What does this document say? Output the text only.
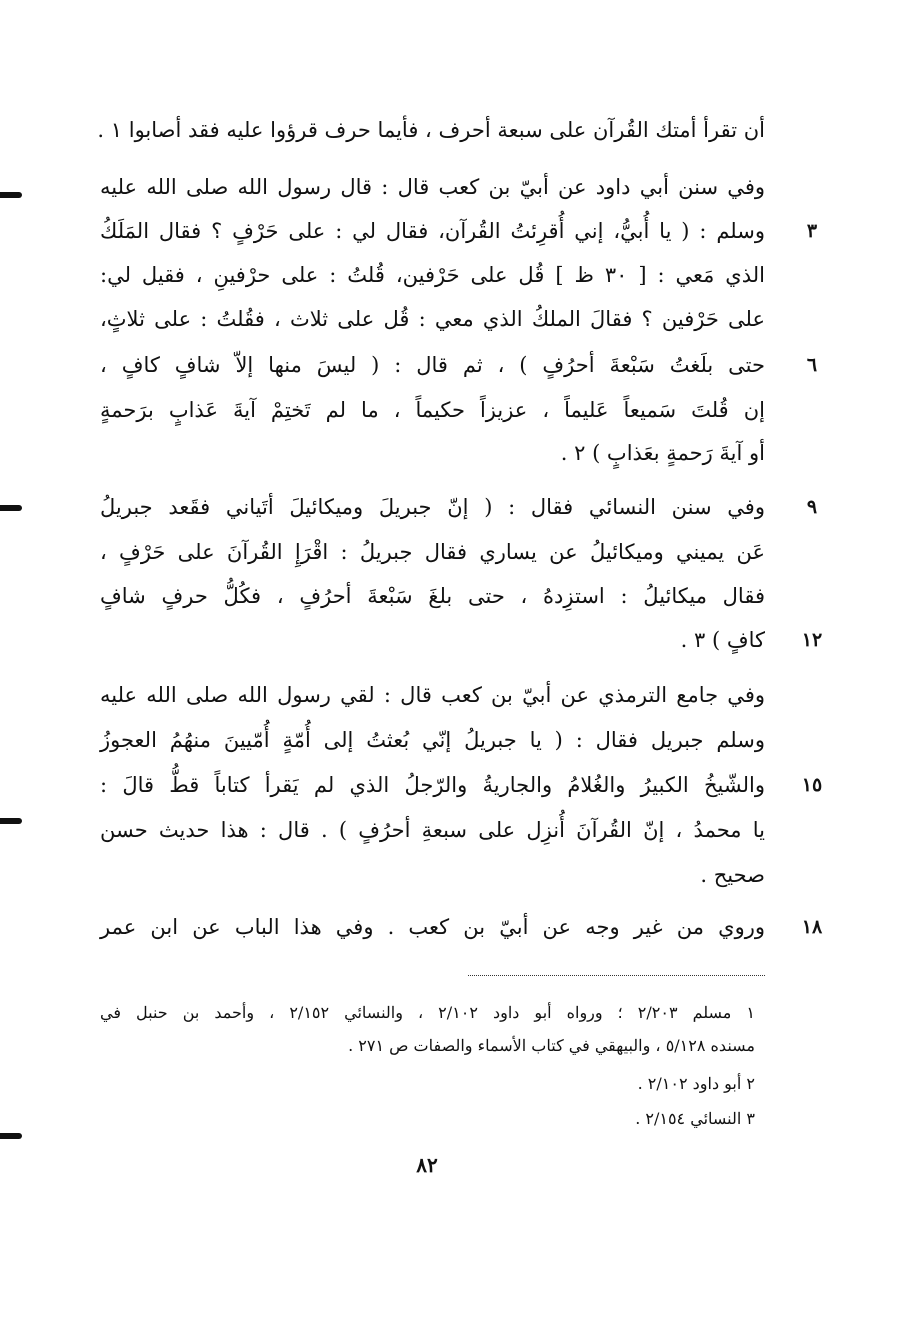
أن تقرأ أمتك القُرآن على سبعة أحرف ، فأيما حرف قرؤوا عليه فقد أصابوا ١ .
وفي سنن أبي داود عن أبيّ بن كعب قال : قال رسول الله صلى الله عليه
وسلم : ( يا أُبيُّ، إني أُقرِئتُ القُرآن، فقال لي : على حَرْفٍ ؟ فقال المَلَكُ
الذي مَعي : [ ٣٠ ظ ] قُل على حَرْفين، قُلتُ : على حرْفينِ ، فقيل لي:
على حَرْفين ؟ فقالَ الملكُ الذي معي : قُل على ثلاث ، فقُلتُ : على ثلاثٍ،
حتى بلَغتُ سَبْعةَ أحرُفٍ ) ، ثم قال : ( ليسَ منها إلاّ شافٍ كافٍ ،
إن قُلتَ سَميعاً عَليماً ، عزيزاً حكيماً ، ما لم تَختِمْ آيةَ عَذابٍ برَحمةٍ
أو آيةَ رَحمةٍ بعَذابٍ ) ٢ .
وفي سنن النسائي فقال : ( إنّ جبريلَ وميكائيلَ أتَياني فقَعد جبريلُ
عَن يميني وميكائيلُ عن يساري فقال جبريلُ : اقْرَإِ القُرآنَ على حَرْفٍ ،
فقال ميكائيلُ : استزِدهُ ، حتى بلغَ سَبْعةَ أحرُفٍ ، فكُلُّ حرفٍ شافٍ
كافٍ ) ٣ .
وفي جامع الترمذي عن أبيّ بن كعب قال : لقي رسول الله صلى الله عليه
وسلم جبريل فقال : ( يا جبريلُ إنّي بُعثتُ إلى أُمّةٍ أُمّيينَ منهُمُ العجوزُ
والشّيخُ الكبيرُ والغُلامُ والجاريةُ والرّجلُ الذي لم يَقرأ كتاباً قطُّ قالَ :
يا محمدُ ، إنّ القُرآنَ أُنزِل على سبعةِ أحرُفٍ ) . قال : هذا حديث حسن
صحيح .
وروي من غير وجه عن أبيّ بن كعب . وفي هذا الباب عن ابن عمر
٣
٦
٩
١٢
١٥
١٨
١ مسلم ٢/٢٠٣ ؛ ورواه أبو داود ٢/١٠٢ ، والنسائي ٢/١٥٢ ، وأحمد بن حنبل في
مسنده ٥/١٢٨ ، والبيهقي في كتاب الأسماء والصفات ص ٢٧١ .
٢ أبو داود ٢/١٠٢ .
٣ النسائي ٢/١٥٤ .
٨٢
